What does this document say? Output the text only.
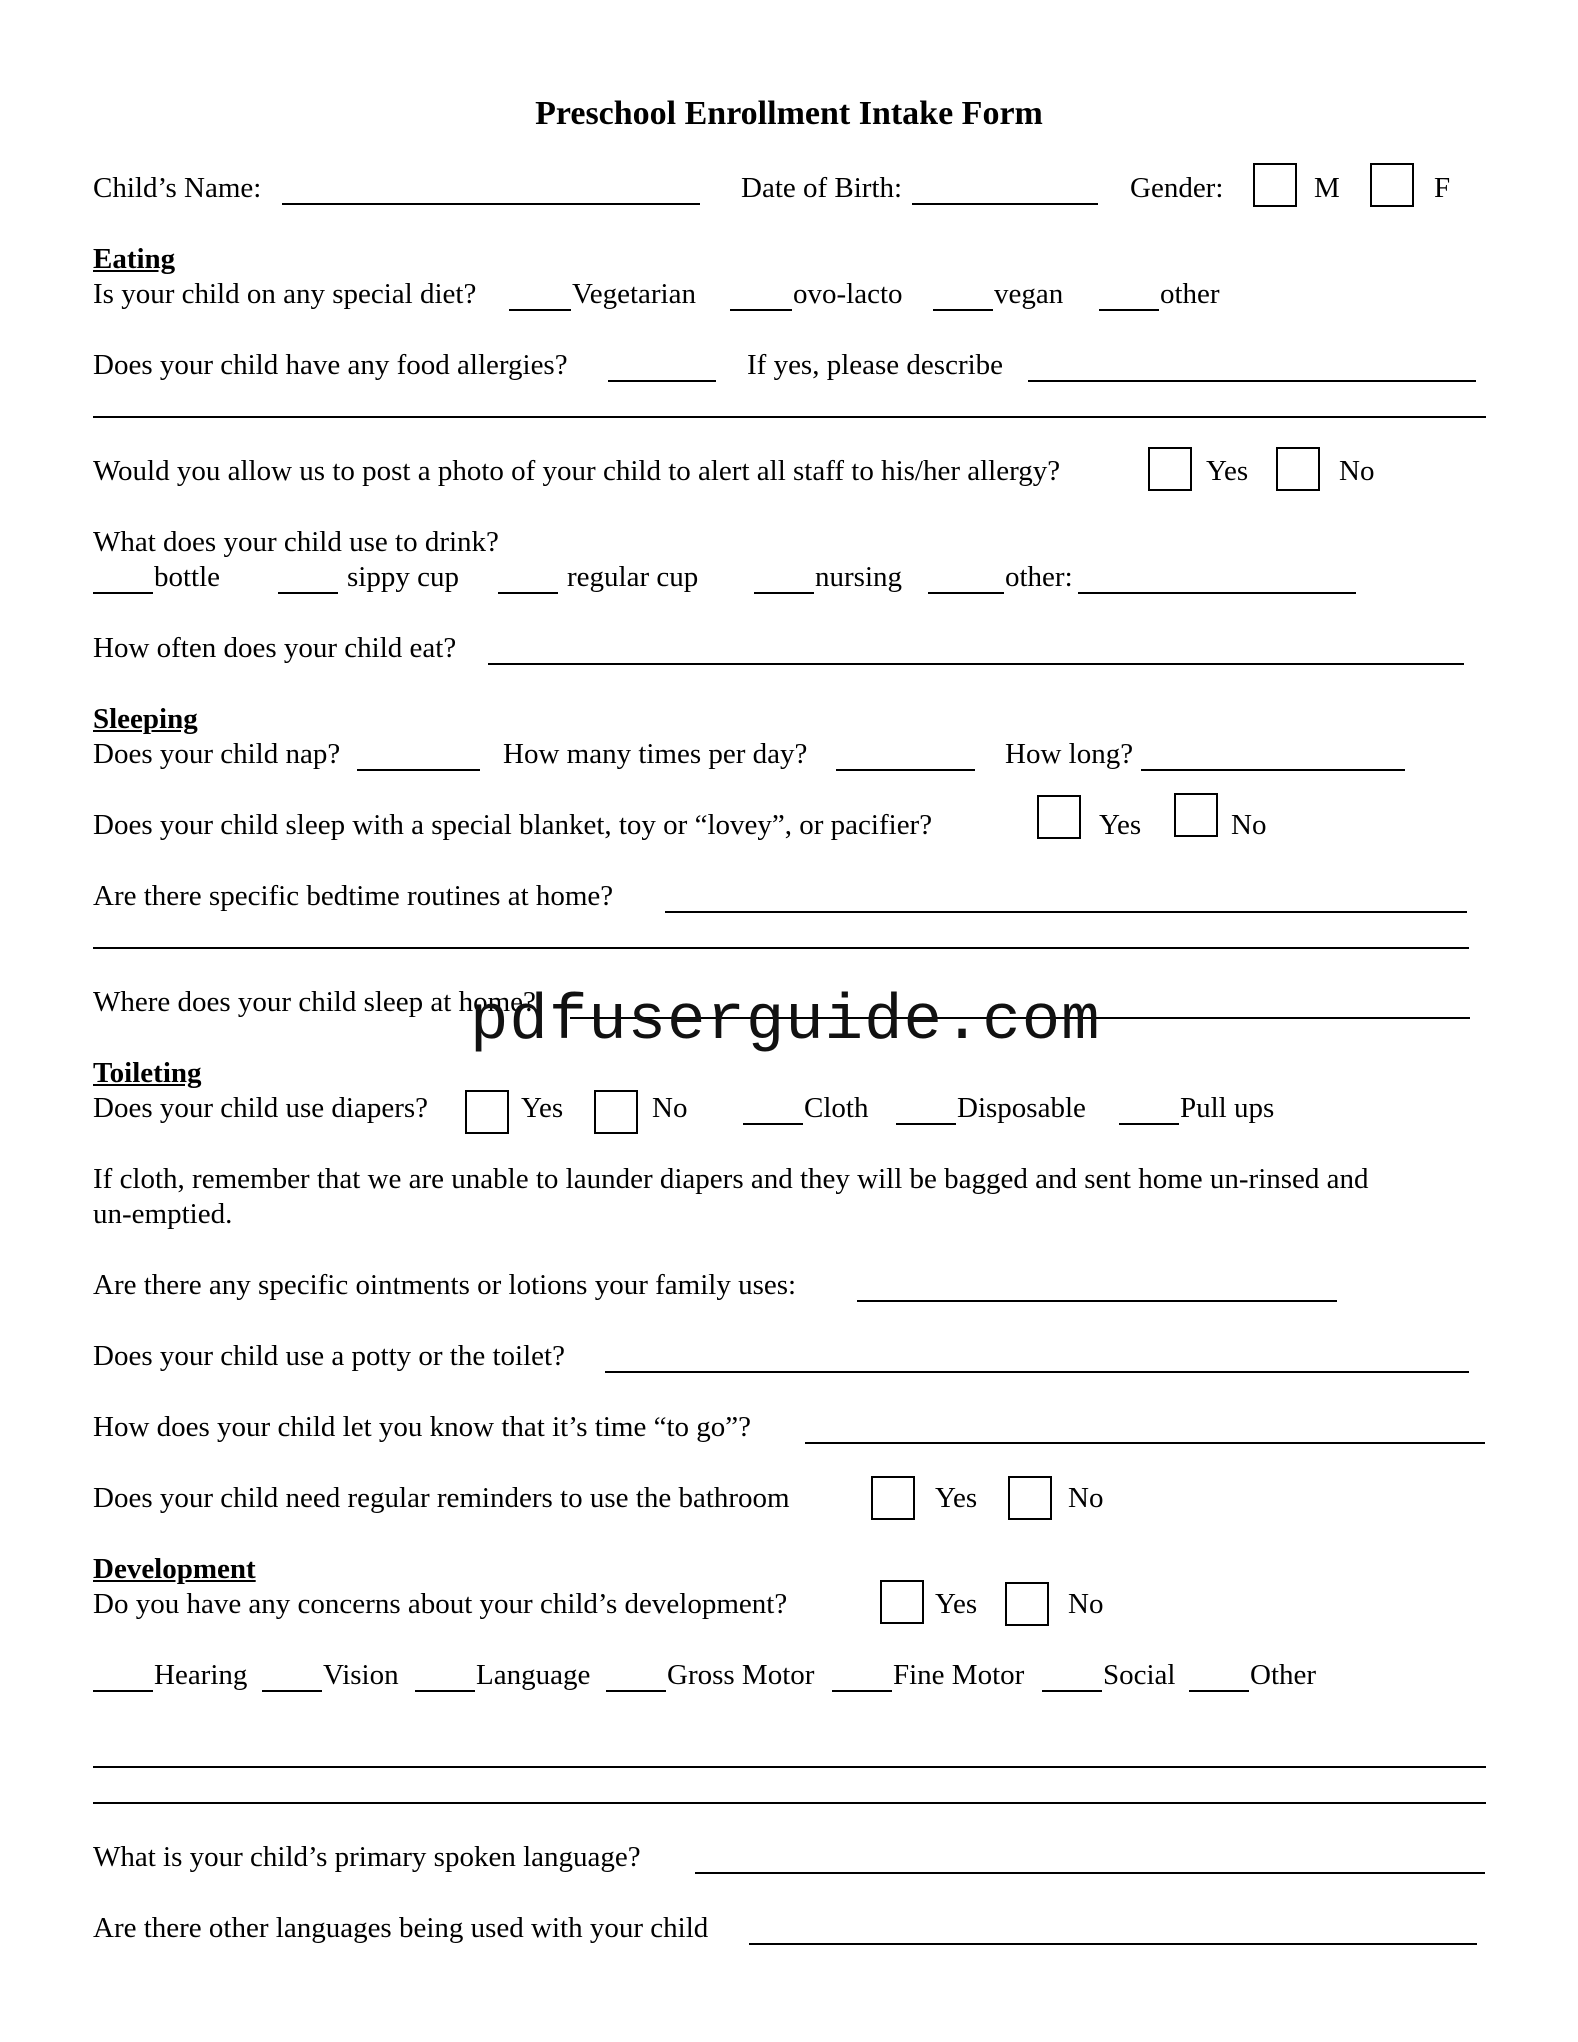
Preschool Enrollment Intake Form
Child’s Name:	Date of Birth:	Gender:	M	F
Eating
Is your child on any special diet?	Vegetarian	ovo-lacto	vegan	other
Does your child have any food allergies?	If yes, please describe
Would you allow us to post a photo of your child to alert all staff to his/her allergy?	Yes	No
What does your child use to drink?
bottle	sippy cup	regular cup	nursing	other:
How often does your child eat?
Sleeping
Does your child nap?	How many times per day?	How long?
Does your child sleep with a special blanket, toy or “lovey”, or pacifier?	Yes	No
Are there specific bedtime routines at home?
Where does your child sleep at home?
pdfuserguide.com
Toileting
Does your child use diapers?	Yes	No	Cloth	Disposable	Pull ups
If cloth, remember that we are unable to launder diapers and they will be bagged and sent home un-rinsed and
un-emptied.
Are there any specific ointments or lotions your family uses:
Does your child use a potty or the toilet?
How does your child let you know that it’s time “to go”?
Does your child need regular reminders to use the bathroom	Yes	No
Development
Do you have any concerns about your child’s development?	Yes	No
Hearing	Vision	Language	Gross Motor	Fine Motor	Social	Other
What is your child’s primary spoken language?
Are there other languages being used with your child
